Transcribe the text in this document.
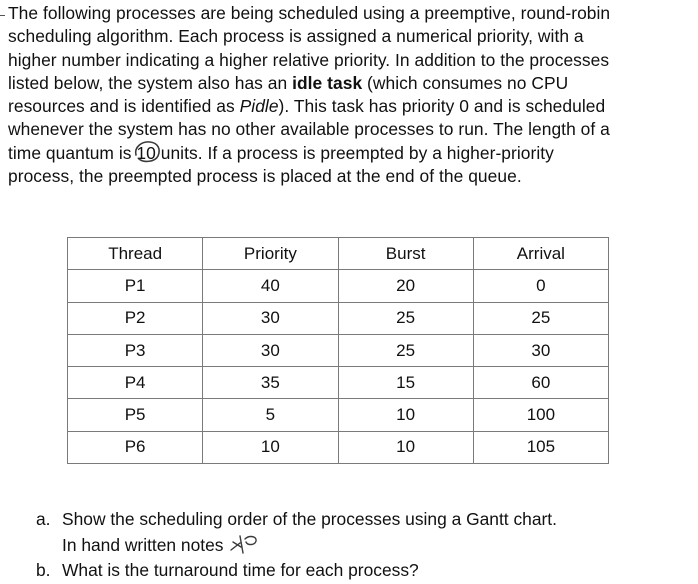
The following processes are being scheduled using a preemptive, round-robin
scheduling algorithm. Each process is assigned a numerical priority, with a
higher number indicating a higher relative priority. In addition to the processes
listed below, the system also has an idle task (which consumes no CPU
resources and is identified as Pidle). This task has priority 0 and is scheduled
whenever the system has no other available processes to run. The length of a
time quantum is 10
units. If a process is preempted by a higher-priority
process, the preempted process is placed at the end of the queue.
Thread	Priority	Burst	Arrival
P1	40	20	0
P2	30	25	25
P3	30	25	30
P4	35	15	60
P5	5	10	100
P6	10	10	105
a. Show the scheduling order of the processes using a Gantt chart.
In hand written notes
b. What is the turnaround time for each process?
